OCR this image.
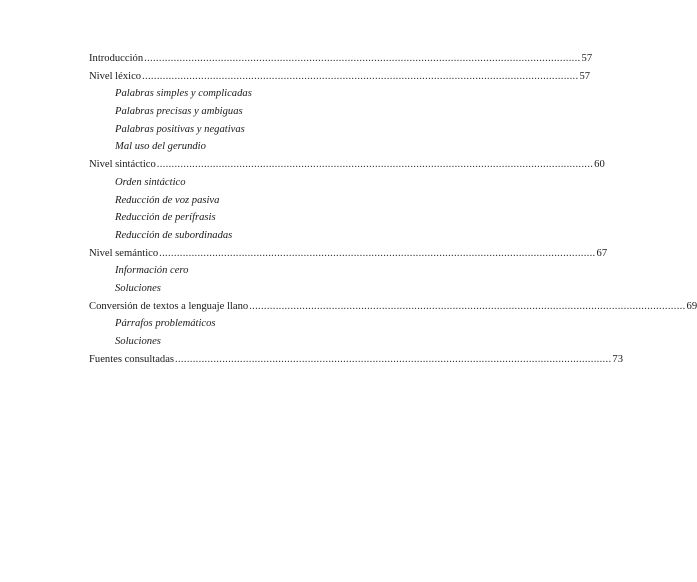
Introducción .................................................................................................................................................... 57
Nivel léxico .................................................................................................................................................... 57
Palabras simples y complicadas
Palabras precisas y ambiguas
Palabras positivas y negativas
Mal uso del gerundio
Nivel sintáctico .................................................................................................................................................... 60
Orden sintáctico
Reducción de voz pasiva
Reducción de perífrasis
Reducción de subordinadas
Nivel semántico .................................................................................................................................................... 67
Información cero
Soluciones
Conversión de textos a lenguaje llano .................................................................................................................................................... 69
Párrafos problemáticos
Soluciones
Fuentes consultadas .................................................................................................................................................... 73
